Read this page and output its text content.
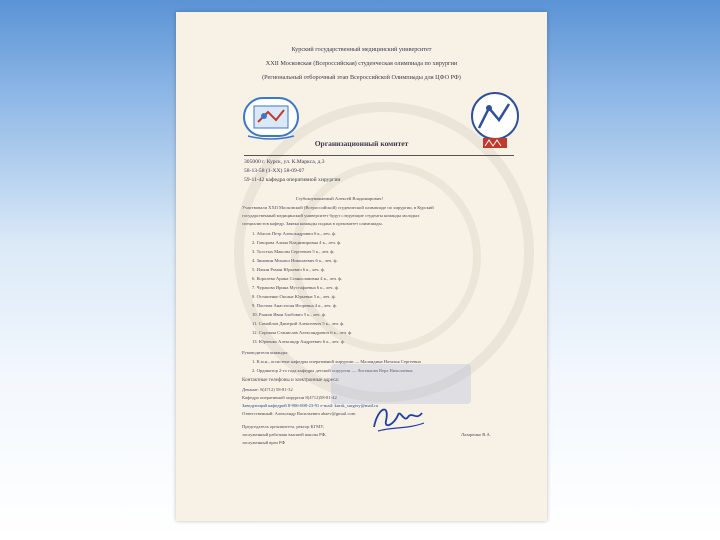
Курский государственный медицинский университет
XXII Московская (Всероссийская) студенческая олимпиада по хирургии
(Региональный отборочный этап Всероссийской Олимпиады для ЦФО РФ)
Организационный комитет
305000 г. Курск, ул. К.Маркса, д.3
58-13-58 (1-XX) 58-09-07
59-11-42 кафедра оперативной хирургии
Глубокоуважаемый Алексей Владимирович!
Участвовали XXII Московской (Всероссийской) студенческой олимпиаде по хирургии, в Курский
государственный медицинский университет будут следующие студенты команды молодых
специалистов кафедр. Заявка команды подана в оргкомитет олимпиады.
1. Абасов Петр Александрович 6 к., леч. ф.
2. Говорова Алина Владимировна 4 к., леч. ф.
3. Толстых Максим Сергеевич 5 к., леч. ф.
4. Зиновин Михаил Николаевич 6 к., леч. ф.
5. Ильин Роман Юрьевич 6 к., леч. ф.
6. Королева Арина Станиславовна 4 к., леч. ф.
7. Чуракова Ирина Мустафаевна 6 к., леч. ф.
8. Осташенко Оксана Юрьевна 5 к., леч. ф.
9. Пастова Анастасия Игоревна 4 к., леч. ф.
10. Рыжов Иван Злобович 5 к., леч. ф.
11. Самойлов Дмитрий Алексеевич 5 к., леч. ф.
12. Сорокин Станислав Александрович 6 к., леч. ф.
13. Юрченко Александр Андреевич 6 к., леч. ф.
Руководители команды:
1. К.м.н., ассистент кафедры оперативной хирургии — Маландина Наталья Сергеевна
2. Ординатор 2-го года кафедры детской хирургии — Лисенкова Вера Николаевна
Контактные телефоны и электронные адреса:
Деканат: 8(4712) 58-81-32
Кафедра оперативной хирургии 8(4712)58-81-42
Заведующий кафедрой 8-906-698-23-91 e-mail: kursk_surgery@mail.ru
Ответственный: Александр Васильевич abaev@gmail.com
Председатель оргкомитета, ректор КГМУ,
заслуженный работник высшей школы РФ,
заслуженный врач РФ
Лазаренко В.А.
